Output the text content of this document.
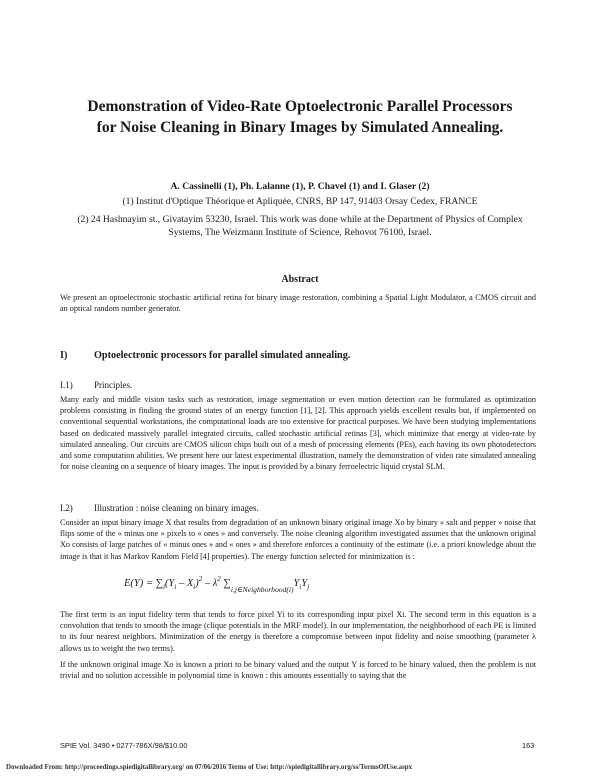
Demonstration of Video-Rate Optoelectronic Parallel Processors
for Noise Cleaning in Binary Images by Simulated Annealing.
A. Cassinelli (1), Ph. Lalanne (1), P. Chavel (1) and I. Glaser (2)
(1) Institut d'Optique Théorique et Apliquée, CNRS, BP 147, 91403 Orsay Cedex, FRANCE
(2) 24 Hashnayim st., Givatayim 53230, Israel. This work was done while at the Department of Physics of Complex Systems, The Weizmann Institute of Science, Rehovot 76100, Israel.
Abstract

We present an optoelectronic stochastic artificial retina for binary image restoration, combining a Spatial Light Modulator, a CMOS circuit and an optical random number generator.

I)	Optoelectronic processors for parallel simulated annealing.
I.1) Principles.

Many early and middle vision tasks such as restoration, image segmentation or even motion detection can be formulated as optimization problems consisting in finding the ground states of an energy function [1], [2]. This approach yields excellent results but, if implemented on conventional sequential workstations, the computational loads are too extensive for practical purposes. We have been studying implementations based on dedicated massively parallel integrated circuits, called stochastic artificial retinas [3], which minimize that energy at video-rate by simulated annealing. Our circuits are CMOS silicon chips built out of a mesh of processing elements (PEs), each having its own photodetectors and some computation abilities. We present here our latest experimental illustration, namely the demonstration of video rate simulated annealing for noise cleaning on a sequence of binary images. The input is provided by a binary ferroelectric liquid crystal SLM.

I.2) Illustration : noise cleaning on binary images.

Consider an input binary image X that results from degradation of an unknown binary original image Xo by binary « salt and pepper » noise that flips some of the « minus one » pixels to « ones » and conversely. The noise cleaning algorithm investigated assumes that the unknown original Xo consists of large patches of « minus ones » and « ones » and therefore enforces a continuity of the estimate (i.e. a priori knowledge about the image is that it has Markov Random Field [4] properties). The energy function selected for minimization is :

$E(Y) = \sum_i(Y_i - X_i)^2 - \lambda^2$ $\sum_{i,j\in Neighborhood(i)}Y_iY_j$

The first term is an input fidelity term that tends to force pixel Yi to its corresponding input pixel Xi. The second term in this equation is a convolution that tends to smooth the image (clique potentials in the MRF model). In our implementation, the neighborhood of each PE is limited to its four nearest neighbors. Minimization of the energy is therefore a compromise between input fidelity and noise smoothing (parameter λ allows us to weight the two terms).

If the unknown original image Xo is known a priori to be binary valued and the output Y is forced to be binary valued, then the problem is not trivial and no solution accessible in polynomial time is known : this amounts essentially to saying that the

SPIE Vol. 3490 • 0277-786X/98/$10.00	163
Downloaded From: http://proceedings.spiedigitallibrary.org/ on 07/06/2016 Terms of Use: http://spiedigitallibrary.org/ss/TermsOfUse.aspx
